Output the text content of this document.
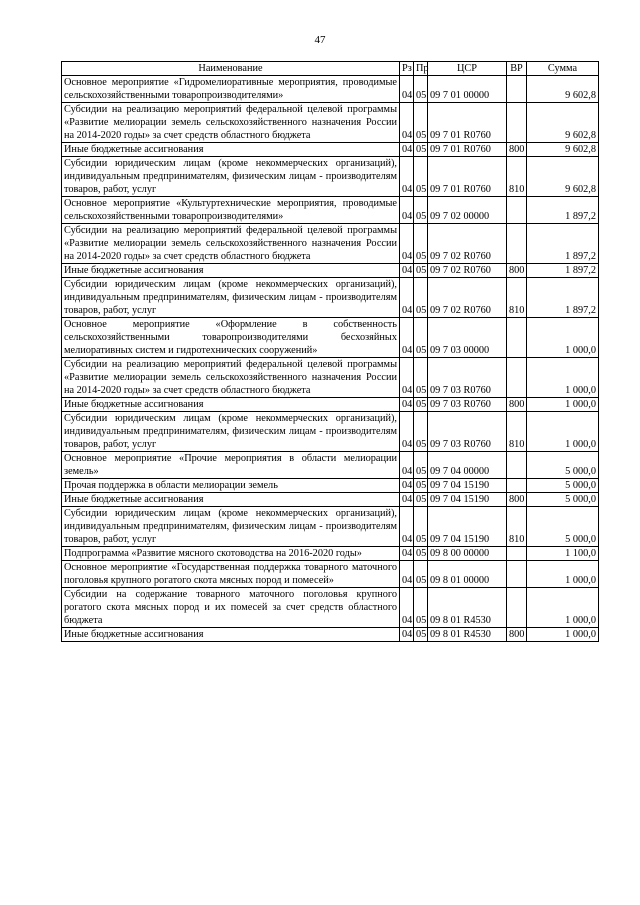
47
Наименование	Рз	Пр	ЦСР	ВР	Сумма
Основное мероприятие «Гидромелиоративные мероприятия, проводимые сельскохозяйственными товаропроизводителями»	04	05	09 7 01 00000		9 602,8
Субсидии на реализацию мероприятий федеральной целевой программы «Развитие мелиорации земель сельскохозяйственного назначения России на 2014-2020 годы» за счет средств областного бюджета	04	05	09 7 01 R0760		9 602,8
Иные бюджетные ассигнования	04	05	09 7 01 R0760	800	9 602,8
Субсидии юридическим лицам (кроме некоммерческих организаций), индивидуальным предпринимателям, физическим лицам - производителям товаров, работ, услуг	04	05	09 7 01 R0760	810	9 602,8
Основное мероприятие «Культуртехнические мероприятия, проводимые сельскохозяйственными товаропроизводителями»	04	05	09 7 02 00000		1 897,2
Субсидии на реализацию мероприятий федеральной целевой программы «Развитие мелиорации земель сельскохозяйственного назначения России на 2014-2020 годы» за счет средств областного бюджета	04	05	09 7 02 R0760		1 897,2
Иные бюджетные ассигнования	04	05	09 7 02 R0760	800	1 897,2
Субсидии юридическим лицам (кроме некоммерческих организаций), индивидуальным предпринимателям, физическим лицам - производителям товаров, работ, услуг	04	05	09 7 02 R0760	810	1 897,2
Основное мероприятие «Оформление в собственность сельскохозяйственными товаропроизводителями бесхозяйных мелиоративных систем и гидротехнических сооружений»	04	05	09 7 03 00000		1 000,0
Субсидии на реализацию мероприятий федеральной целевой программы «Развитие мелиорации земель сельскохозяйственного назначения России на 2014-2020 годы» за счет средств областного бюджета	04	05	09 7 03 R0760		1 000,0
Иные бюджетные ассигнования	04	05	09 7 03 R0760	800	1 000,0
Субсидии юридическим лицам (кроме некоммерческих организаций), индивидуальным предпринимателям, физическим лицам - производителям товаров, работ, услуг	04	05	09 7 03 R0760	810	1 000,0
Основное мероприятие «Прочие мероприятия в области мелиорации земель»	04	05	09 7 04 00000		5 000,0
Прочая поддержка в области мелиорации земель	04	05	09 7 04 15190		5 000,0
Иные бюджетные ассигнования	04	05	09 7 04 15190	800	5 000,0
Субсидии юридическим лицам (кроме некоммерческих организаций), индивидуальным предпринимателям, физическим лицам - производителям товаров, работ, услуг	04	05	09 7 04 15190	810	5 000,0
Подпрограмма «Развитие мясного скотоводства на 2016-2020 годы»	04	05	09 8 00 00000		1 100,0
Основное мероприятие «Государственная поддержка товарного маточного поголовья крупного рогатого скота мясных пород и помесей»	04	05	09 8 01 00000		1 000,0
Субсидии на содержание товарного маточного поголовья крупного рогатого скота мясных пород и их помесей за счет средств областного бюджета	04	05	09 8 01 R4530		1 000,0
Иные бюджетные ассигнования	04	05	09 8 01 R4530	800	1 000,0
